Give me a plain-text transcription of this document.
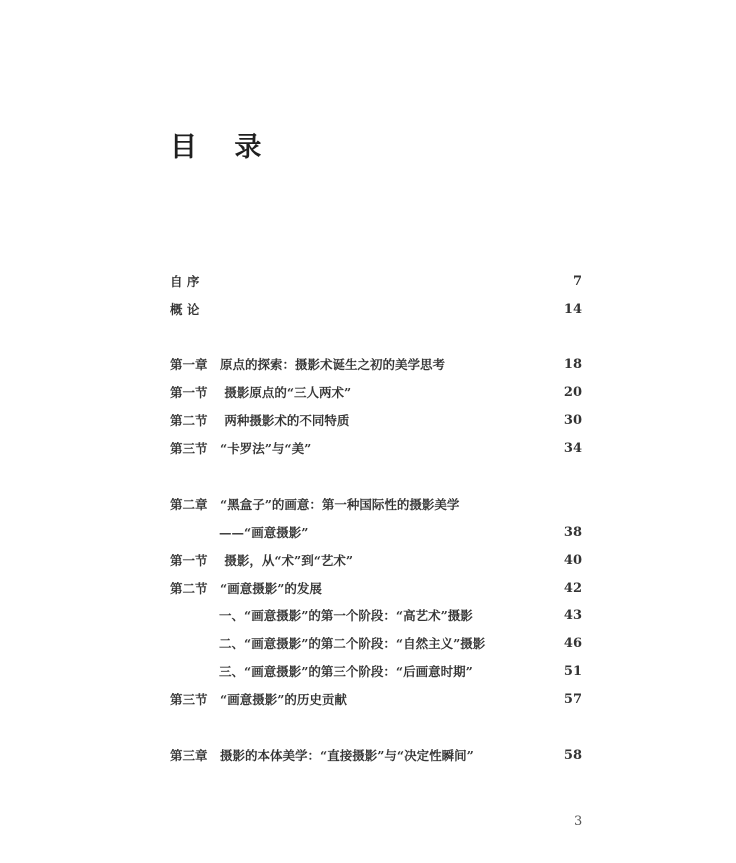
目 录
自 序	7
概 论	14
第一章　原点的探索：摄影术诞生之初的美学思考	18
第一节　 摄影原点的“三人两术”	20
第二节　 两种摄影术的不同特质	30
第三节　“卡罗法”与“美”	34
第二章　“黑盒子”的画意：第一种国际性的摄影美学
——“画意摄影”	38
第一节　 摄影，从“术”到“艺术”	40
第二节　“画意摄影”的发展	42
一、“画意摄影”的第一个阶段：“高艺术”摄影	43
二、“画意摄影”的第二个阶段：“自然主义”摄影	46
三、“画意摄影”的第三个阶段：“后画意时期”	51
第三节　“画意摄影”的历史贡献	57
第三章　摄影的本体美学：“直接摄影”与“决定性瞬间”	58
3
